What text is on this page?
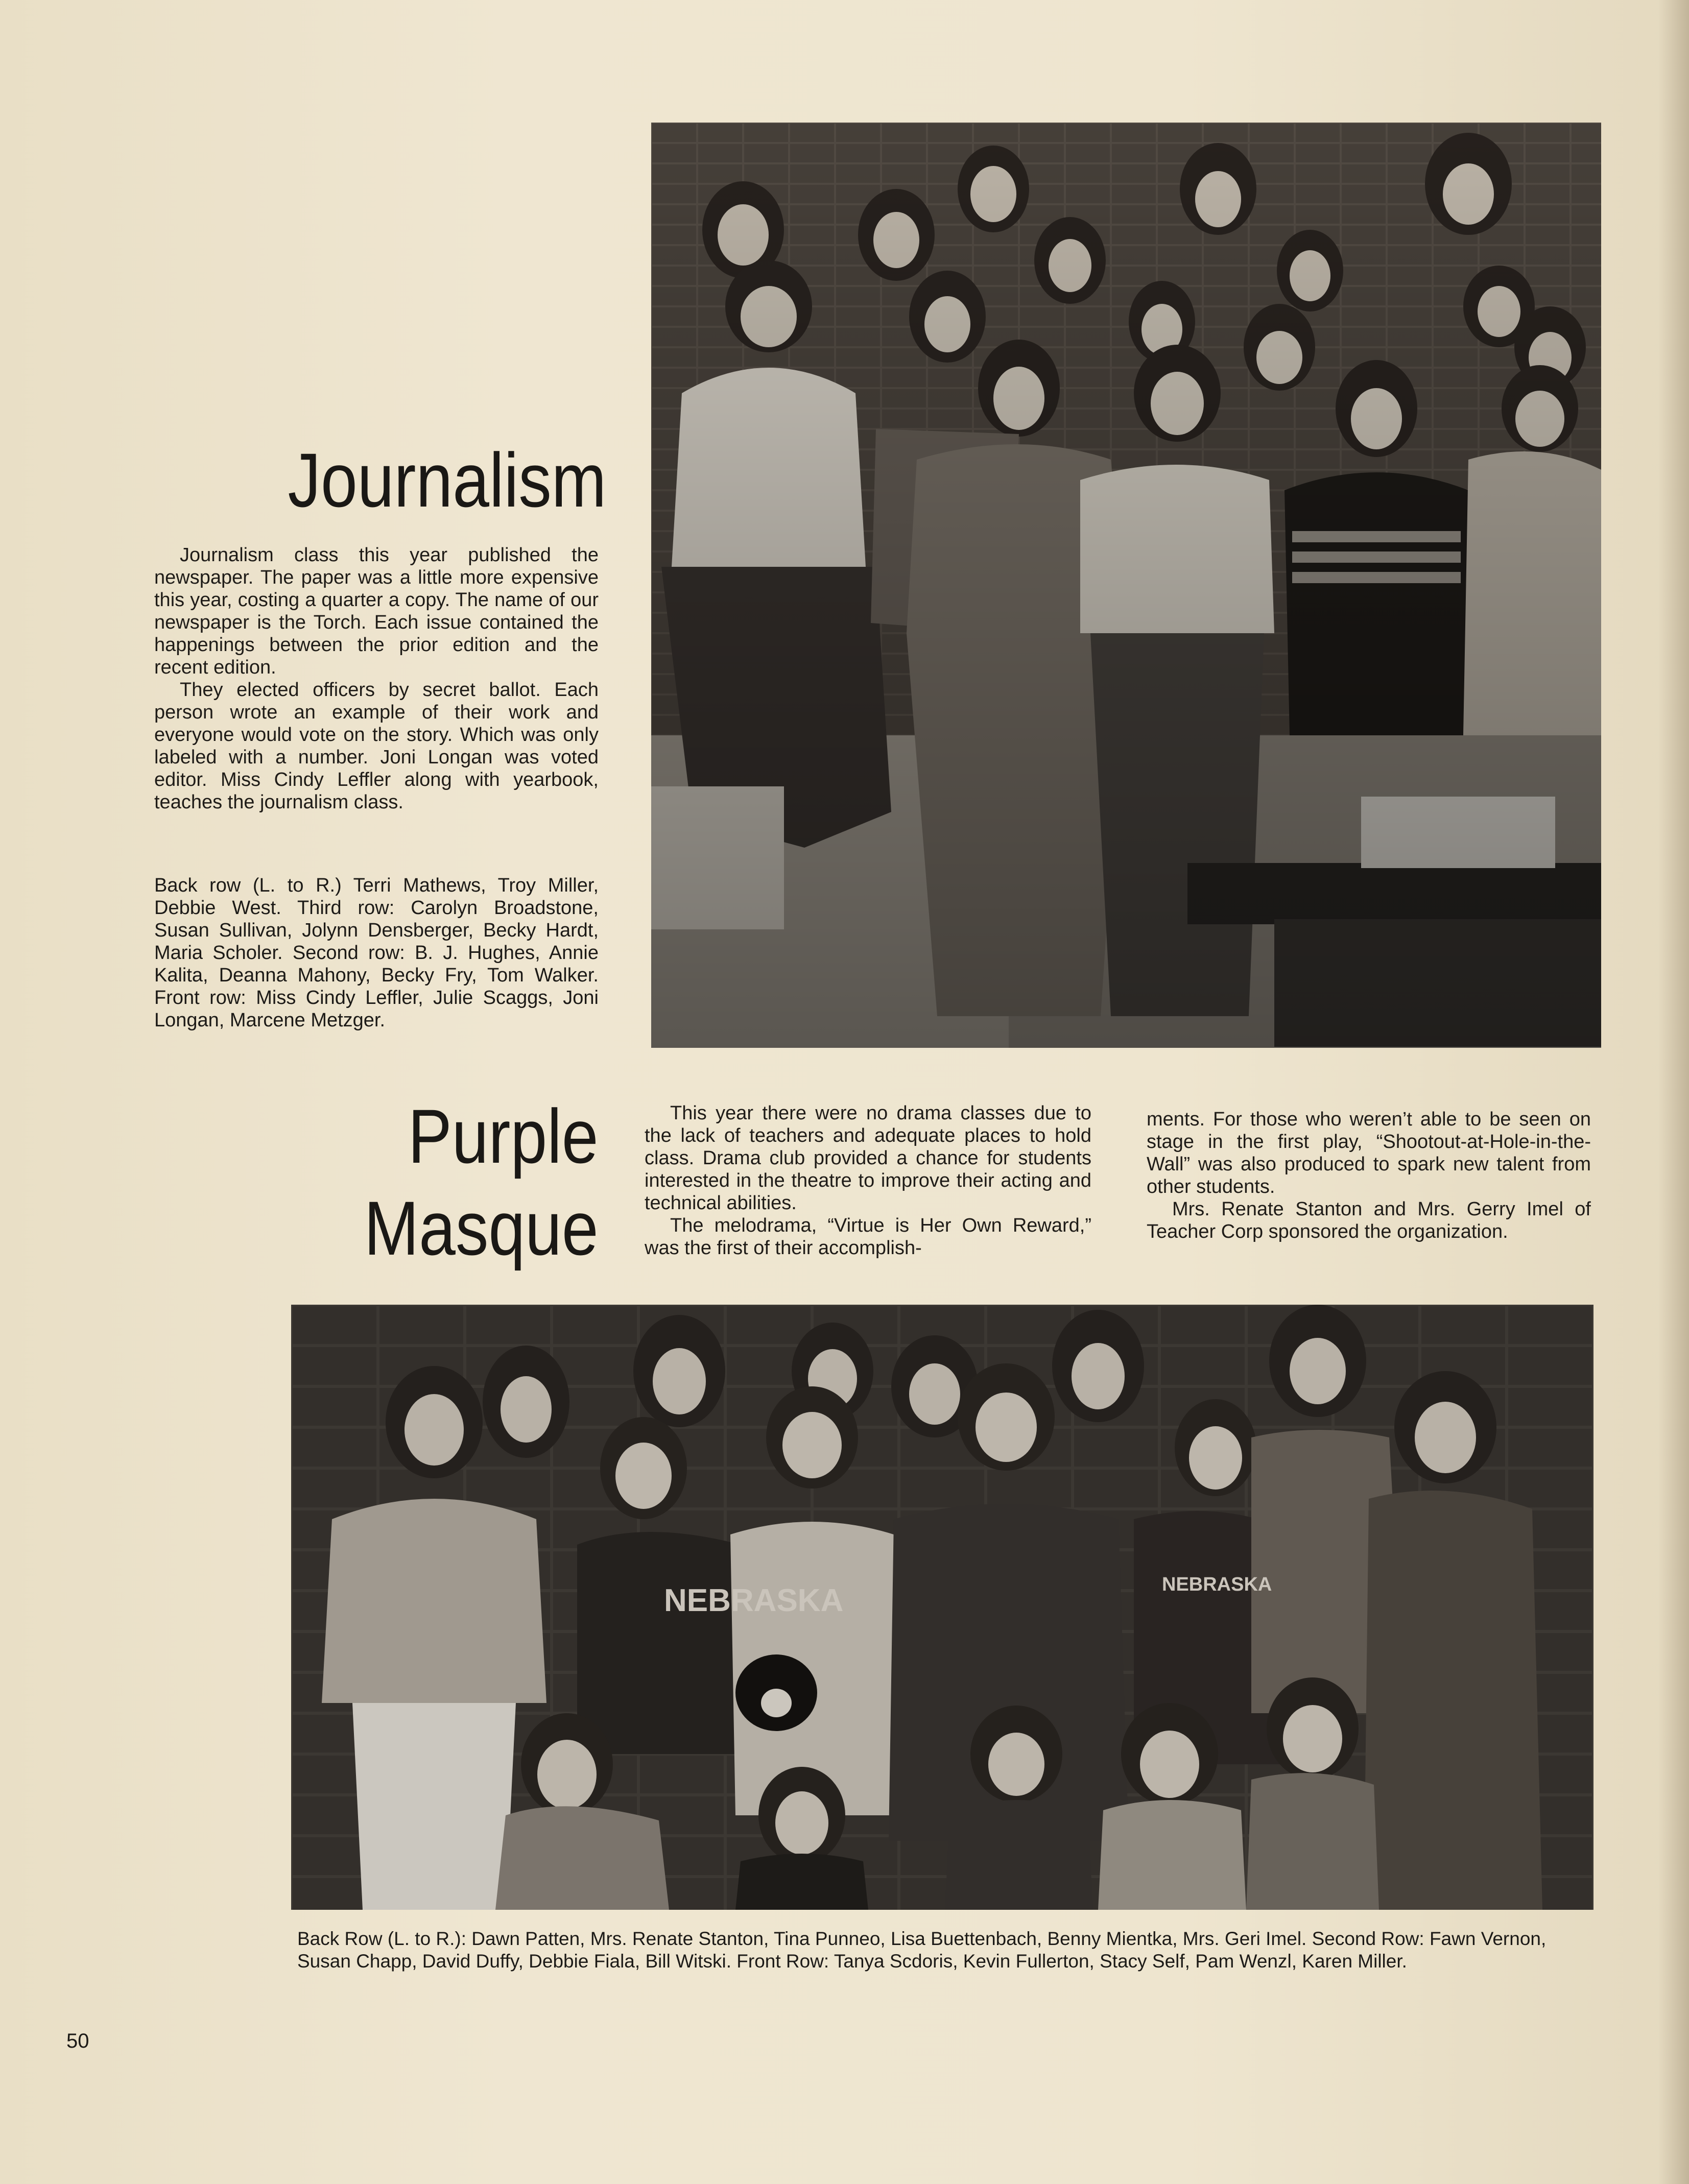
Journalism

Journalism class this year published the newspaper. The paper was a little more expensive this year, costing a quarter a copy. The name of our newspaper is the Torch. Each issue contained the happenings between the prior edition and the recent edition.

They elected officers by secret ballot. Each person wrote an example of their work and everyone would vote on the story. Which was only labeled with a number. Joni Longan was voted editor. Miss Cindy Leffler along with yearbook, teaches the journalism class.

Back row (L. to R.) Terri Mathews, Troy Miller, Debbie West. Third row: Carolyn Broadstone, Susan Sullivan, Jolynn Densberger, Becky Hardt, Maria Scholer. Second row: B. J. Hughes, Annie Kalita, Deanna Mahony, Becky Fry, Tom Walker. Front row: Miss Cindy Leffler, Julie Scaggs, Joni Longan, Marcene Metzger.

Purple
Masque

This year there were no drama classes due to the lack of teachers and adequate places to hold class. Drama club provided a chance for students interested in the theatre to improve their acting and technical abilities.

The melodrama, “Virtue is Her Own Reward,” was the first of their accomplish-

ments. For those who weren’t able to be seen on stage in the first play, “Shootout-at-Hole-in-the-Wall” was also produced to spark new talent from other students.

Mrs. Renate Stanton and Mrs. Gerry Imel of Teacher Corp sponsored the organization.

NEBRASKA	NEBRASKA

Back Row (L. to R.): Dawn Patten, Mrs. Renate Stanton, Tina Punneo, Lisa Buettenbach, Benny Mientka, Mrs. Geri Imel. Second Row: Fawn Vernon, Susan Chapp, David Duffy, Debbie Fiala, Bill Witski. Front Row: Tanya Scdoris, Kevin Fullerton, Stacy Self, Pam Wenzl, Karen Miller.

50
